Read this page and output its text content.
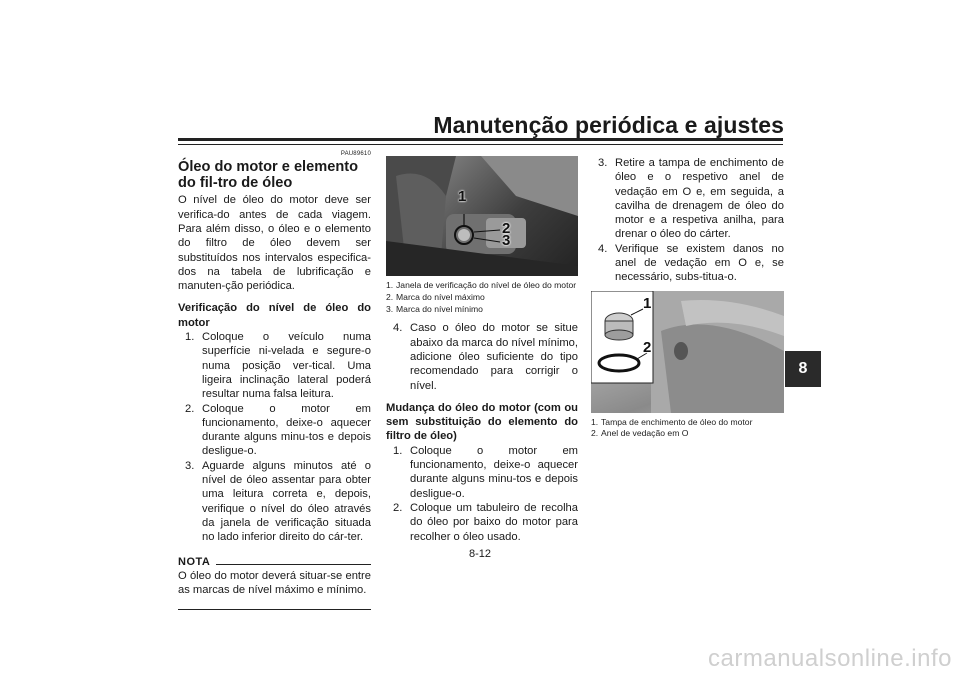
Manutenção periódica e ajustes
8
PAU89610
Óleo do motor e elemento do fil-tro de óleo

O nível de óleo do motor deve ser verifica-do antes de cada viagem. Para além disso, o óleo e o elemento do filtro de óleo devem ser substituídos nos intervalos especifica-dos na tabela de lubrificação e manuten-ção periódica.

Verificação do nível de óleo do motor
1. Coloque o veículo numa superfície ni-velada e segure-o numa posição ver-tical. Uma ligeira inclinação lateral poderá resultar numa falsa leitura.
2. Coloque o motor em funcionamento, deixe-o aquecer durante alguns minu-tos e depois desligue-o.
3. Aguarde alguns minutos até o nível de óleo assentar para obter uma leitura correta e, depois, verifique o nível do óleo através da janela de verificação situada no lado inferior direito do cár-ter.
NOTA

O óleo do motor deverá situar-se entre as marcas de nível máximo e mínimo.

1
2
3
1. Janela de verificação do nível de óleo do motor
2. Marca do nível máximo
3. Marca do nível mínimo
4. Caso o óleo do motor se situe abaixo da marca do nível mínimo, adicione óleo suficiente do tipo recomendado para corrigir o nível.
Mudança do óleo do motor (com ou sem substituição do elemento do filtro de óleo)
1. Coloque o motor em funcionamento, deixe-o aquecer durante alguns minu-tos e depois desligue-o.
2. Coloque um tabuleiro de recolha do óleo por baixo do motor para recolher o óleo usado.
3. Retire a tampa de enchimento de óleo e o respetivo anel de vedação em O e, em seguida, a cavilha de drenagem de óleo do motor e a respetiva anilha, para drenar o óleo do cárter.
4. Verifique se existem danos no anel de vedação em O e, se necessário, subs-titua-o.
1
2
1. Tampa de enchimento de óleo do motor
2. Anel de vedação em O
8-12
carmanualsonline.info
